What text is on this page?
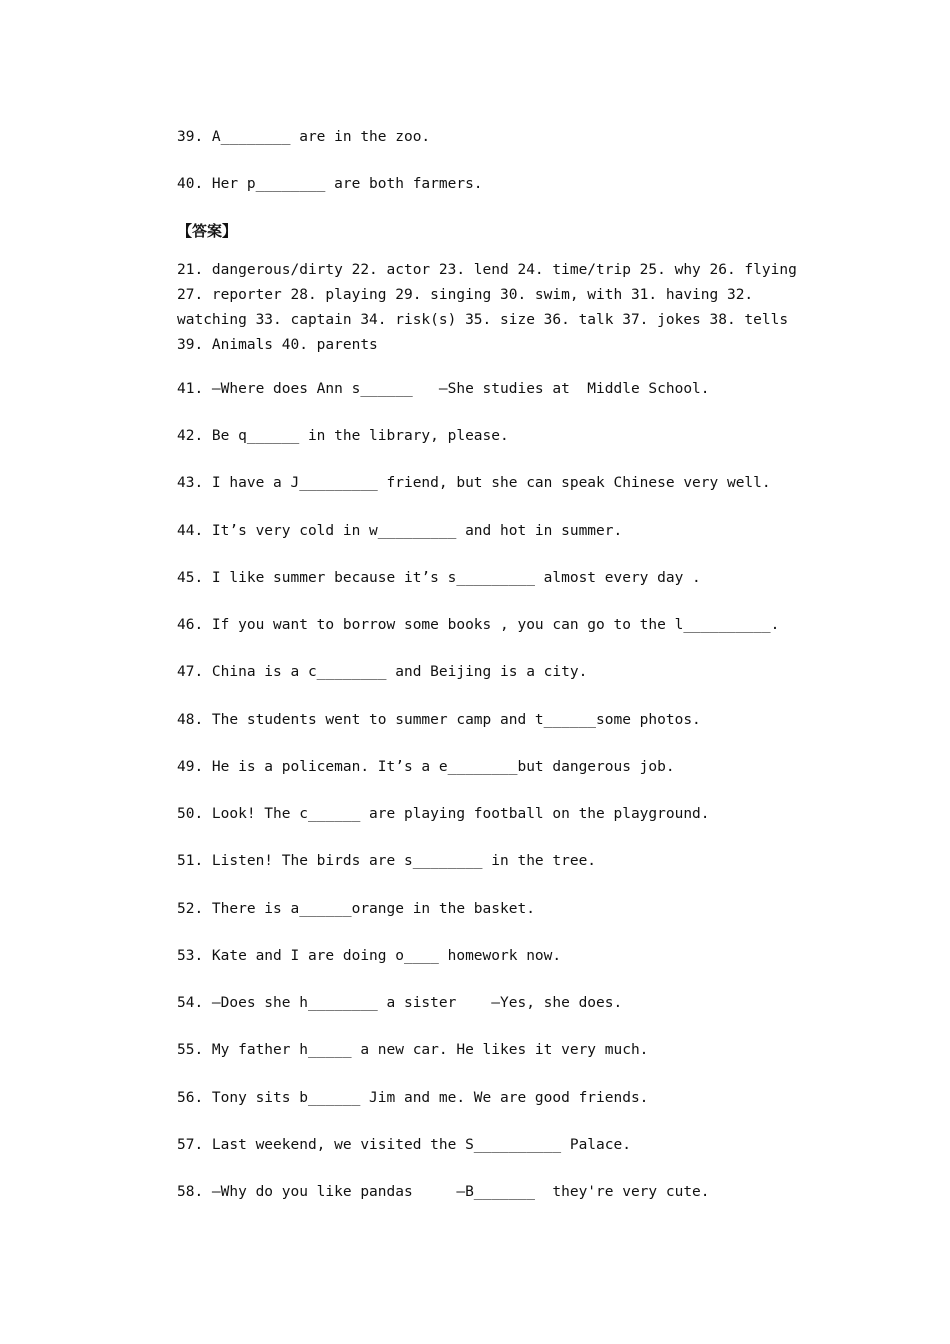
39. A________ are in the zoo.
40. Her p________ are both farmers.
【答案】
21. dangerous/dirty 22. actor 23. lend 24. time/trip 25. why 26. flying
27. reporter 28. playing 29. singing 30. swim, with 31. having 32.
watching 33. captain 34. risk(s) 35. size 36. talk 37. jokes 38. tells
39. Animals 40. parents
41. —Where does Ann s______   —She studies at  Middle School.
42. Be q______ in the library, please.
43. I have a J_________ friend, but she can speak Chinese very well.
44. It’s very cold in w_________ and hot in summer.
45. I like summer because it’s s_________ almost every day .
46. If you want to borrow some books , you can go to the l__________.
47. China is a c________ and Beijing is a city.
48. The students went to summer camp and t______some photos.
49. He is a policeman. It’s a e________but dangerous job.
50. Look! The c______ are playing football on the playground.
51. Listen! The birds are s________ in the tree.
52. There is a______orange in the basket.
53. Kate and I are doing o____ homework now.
54. —Does she h________ a sister    —Yes, she does.
55. My father h_____ a new car. He likes it very much.
56. Tony sits b______ Jim and me. We are good friends.
57. Last weekend, we visited the S__________ Palace.
58. —Why do you like pandas     —B_______  they're very cute.
